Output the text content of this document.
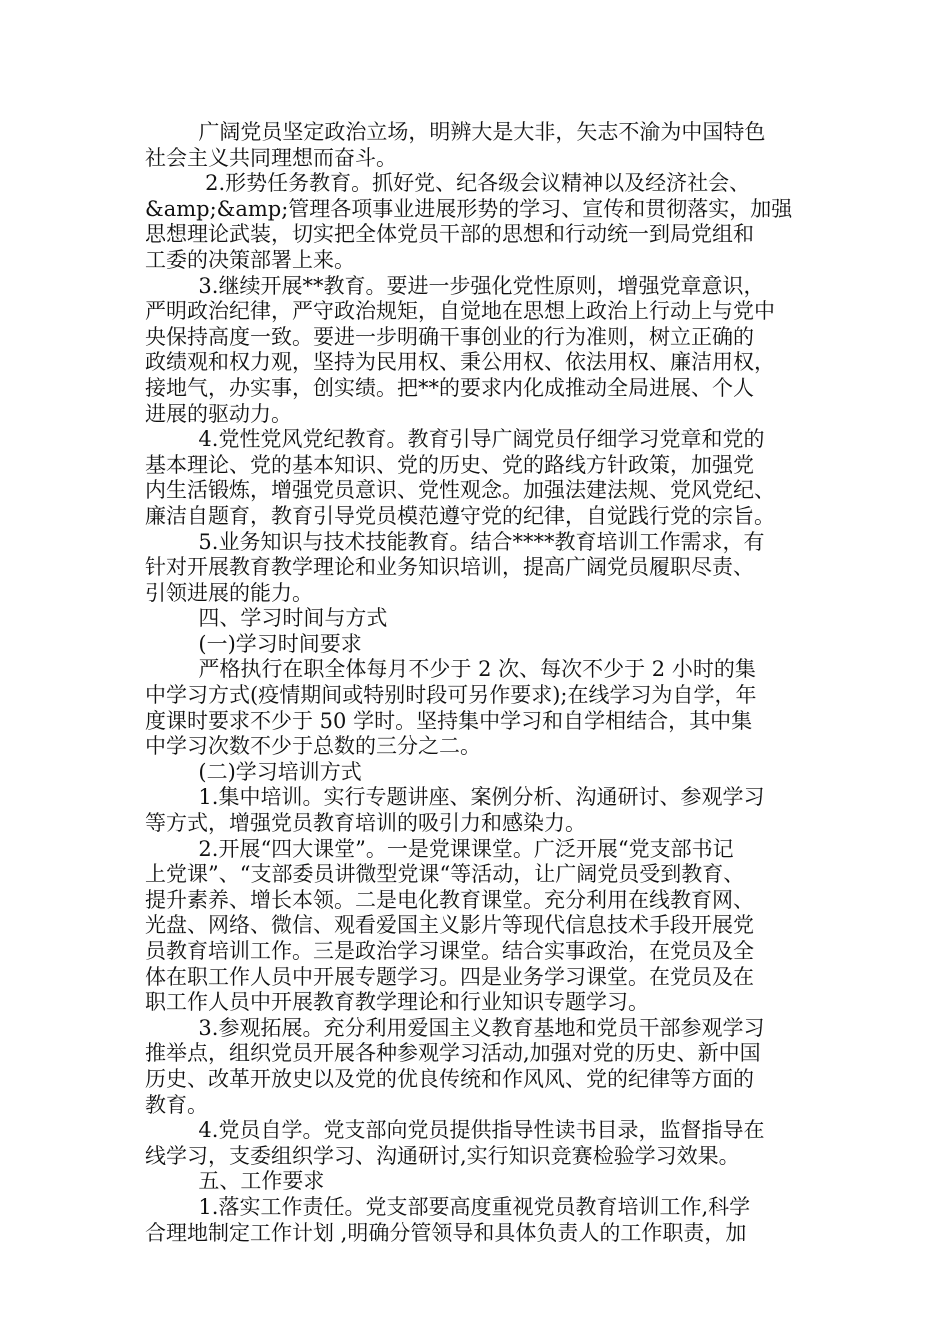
广阔党员坚定政治立场，明辨大是大非，矢志不渝为中国特色

社会主义共同理想而奋斗。

2.形势任务教育。抓好党、纪各级会议精神以及经济社会、

&amp;&amp;管理各项事业进展形势的学习、宣传和贯彻落实，加强

思想理论武装，切实把全体党员干部的思想和行动统一到局党组和

工委的决策部署上来。

3.继续开展**教育。要进一步强化党性原则，增强党章意识，

严明政治纪律，严守政治规矩，自觉地在思想上政治上行动上与党中

央保持高度一致。要进一步明确干事创业的行为准则，树立正确的

政绩观和权力观，坚持为民用权、秉公用权、依法用权、廉洁用权，

接地气，办实事，创实绩。把**的要求内化成推动全局进展、个人

进展的驱动力。

4.党性党风党纪教育。教育引导广阔党员仔细学习党章和党的

基本理论、党的基本知识、党的历史、党的路线方针政策，加强党

内生活锻炼，增强党员意识、党性观念。加强法建法规、党风党纪、

廉洁自题育，教育引导党员模范遵守党的纪律，自觉践行党的宗旨。

5.业务知识与技术技能教育。结合****教育培训工作需求，有

针对开展教育教学理论和业务知识培训，提高广阔党员履职尽责、

引领进展的能力。

四、学习时间与方式

(一)学习时间要求

严格执行在职全体每月不少于 2 次、每次不少于 2 小时的集

中学习方式(疫情期间或特别时段可另作要求);在线学习为自学，年

度课时要求不少于 50 学时。坚持集中学习和自学相结合，其中集

中学习次数不少于总数的三分之二。

(二)学习培训方式

1.集中培训。实行专题讲座、案例分析、沟通研讨、参观学习

等方式，增强党员教育培训的吸引力和感染力。

2.开展“四大课堂”。一是党课课堂。广泛开展“党支部书记

上党课”、“支部委员讲微型党课“等活动，让广阔党员受到教育、

提升素养、增长本领。二是电化教育课堂。充分利用在线教育网、

光盘、网络、微信、观看爱国主义影片等现代信息技术手段开展党

员教育培训工作。三是政治学习课堂。结合实事政治，在党员及全

体在职工作人员中开展专题学习。四是业务学习课堂。在党员及在

职工作人员中开展教育教学理论和行业知识专题学习。

3.参观拓展。充分利用爱国主义教育基地和党员干部参观学习

推举点，组织党员开展各种参观学习活动,加强对党的历史、新中国

历史、改革开放史以及党的优良传统和作风风、党的纪律等方面的

教育。

4.党员自学。党支部向党员提供指导性读书目录，监督指导在

线学习，支委组织学习、沟通研讨,实行知识竞赛检验学习效果。

五、工作要求

1.落实工作责任。党支部要高度重视党员教育培训工作,科学

合理地制定工作计划 ,明确分管领导和具体负责人的工作职责，加
